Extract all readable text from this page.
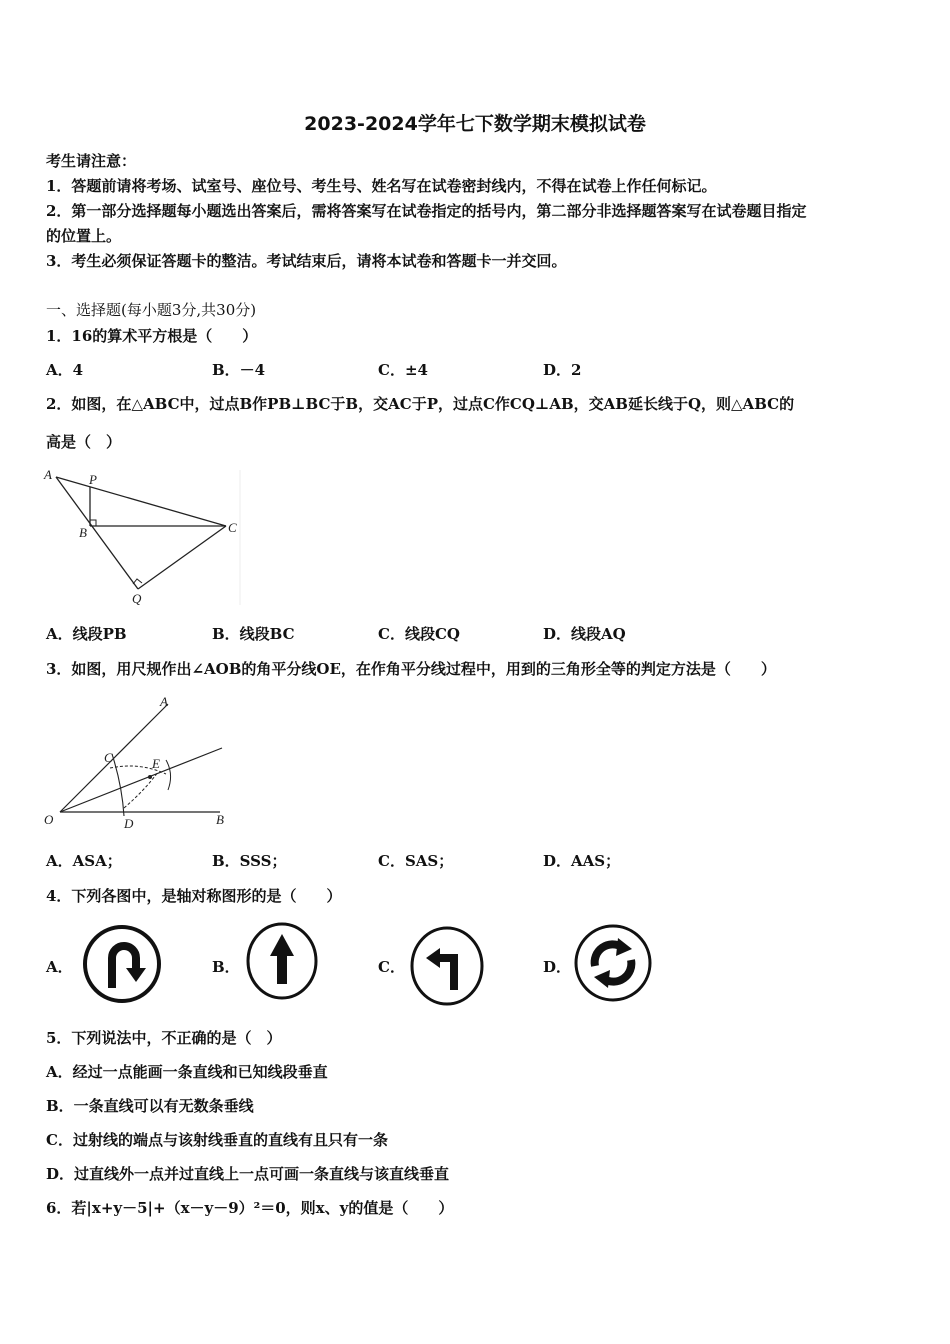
2023-2024学年七下数学期末模拟试卷
考生请注意：
1．答题前请将考场、试室号、座位号、考生号、姓名写在试卷密封线内，不得在试卷上作任何标记。
2．第一部分选择题每小题选出答案后，需将答案写在试卷指定的括号内，第二部分非选择题答案写在试卷题目指定
的位置上。
3．考生必须保证答题卡的整洁。考试结束后，请将本试卷和答题卡一并交回。
一、选择题(每小题3分,共30分)
1．16的算术平方根是（　　）
A．4	B．－4	C．±4	D．2
2．如图，在△ABC中，过点B作PB⊥BC于B，交AC于P，过点C作CQ⊥AB，交AB延长线于Q，则△ABC的
高是（　）
A	P
B	C
Q
A．线段PB	B．线段BC	C．线段CQ	D．线段AQ
3．如图，用尺规作出∠AOB的角平分线OE，在作角平分线过程中，用到的三角形全等的判定方法是（　　）
A
C	E
O	D	B
A．ASA；	B．SSS；	C．SAS；	D．AAS；
4．下列各图中，是轴对称图形的是（　　）
A．	B．	C．	D．
5．下列说法中，不正确的是（　）
A．经过一点能画一条直线和已知线段垂直
B．一条直线可以有无数条垂线
C．过射线的端点与该射线垂直的直线有且只有一条
D．过直线外一点并过直线上一点可画一条直线与该直线垂直
6．若|x+y－5|+（x－y－9）²＝0，则x、y的值是（　　）
